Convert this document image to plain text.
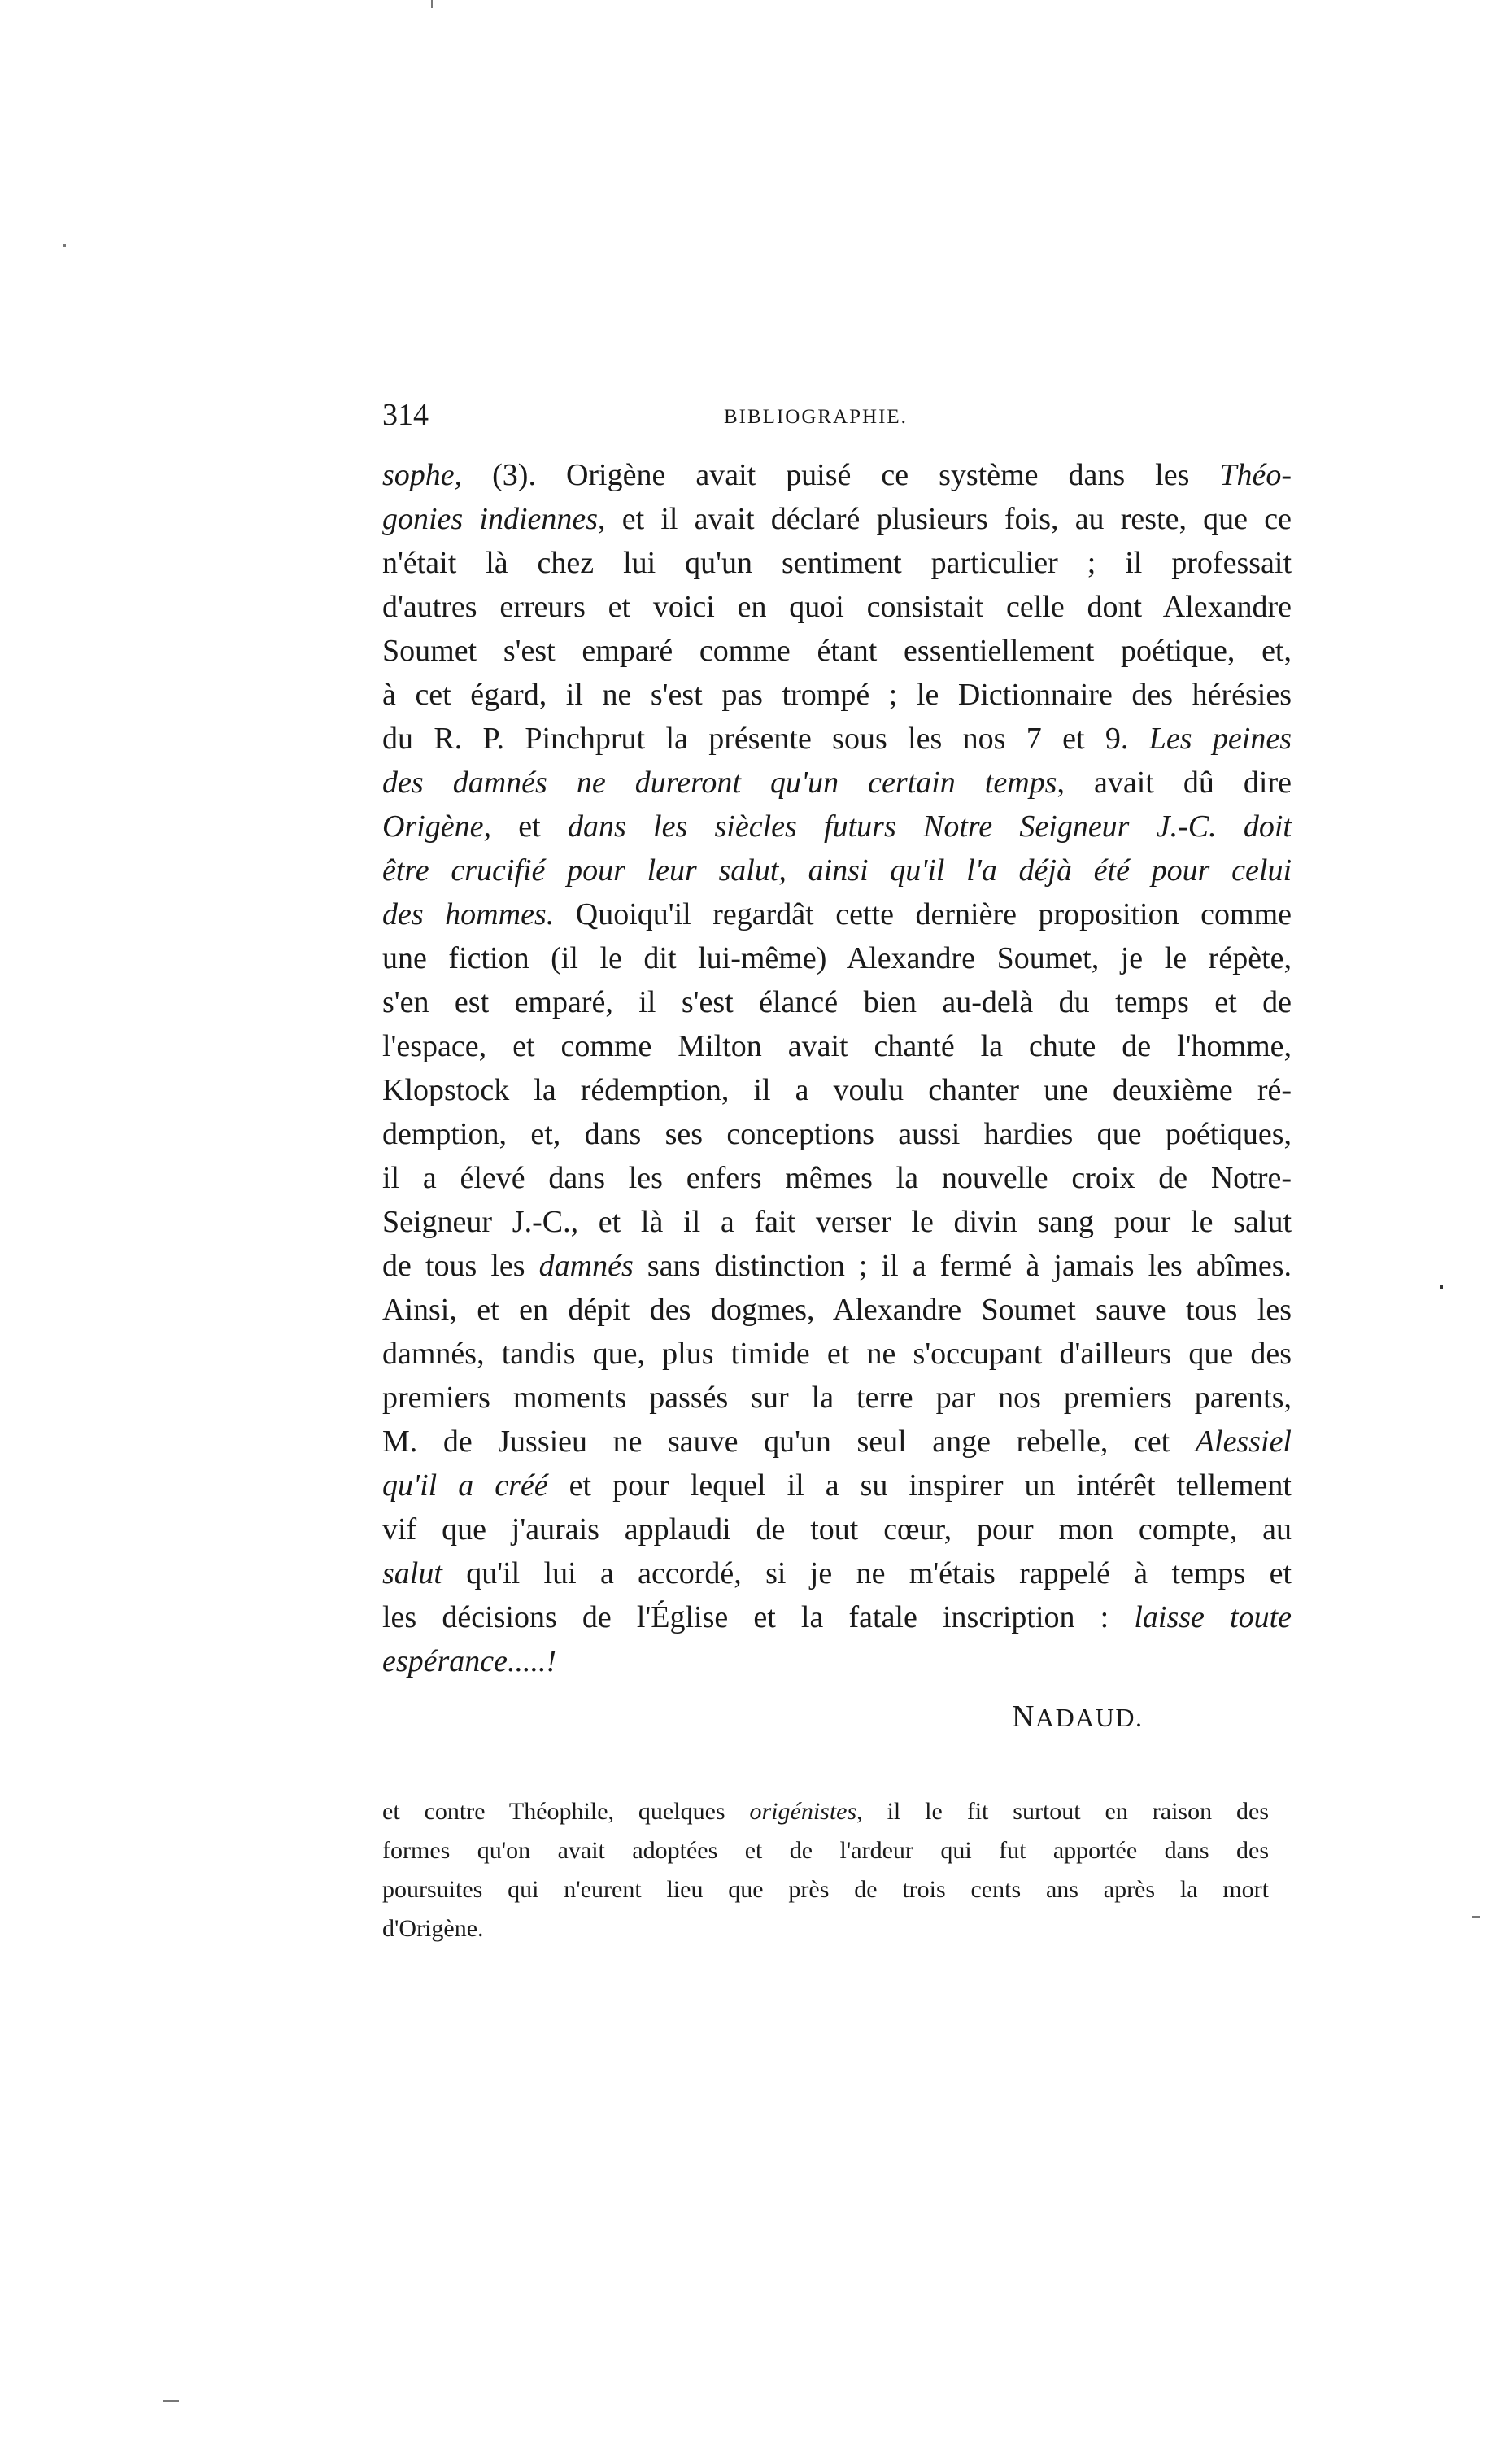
314	BIBLIOGRAPHIE.
sophe, (3). Origène avait puisé ce système dans les Théo-
gonies indiennes, et il avait déclaré plusieurs fois, au reste, que ce
n'était là chez lui qu'un sentiment particulier ; il professait
d'autres erreurs et voici en quoi consistait celle dont Alexandre
Soumet s'est emparé comme étant essentiellement poétique, et,
à cet égard, il ne s'est pas trompé ; le Dictionnaire des hérésies
du R. P. Pinchprut la présente sous les nos 7 et 9. Les peines
des damnés ne dureront qu'un certain temps, avait dû dire
Origène, et dans les siècles futurs Notre Seigneur J.-C. doit
être crucifié pour leur salut, ainsi qu'il l'a déjà été pour celui
des hommes. Quoiqu'il regardât cette dernière proposition comme
une fiction (il le dit lui-même) Alexandre Soumet, je le répète,
s'en est emparé, il s'est élancé bien au-delà du temps et de
l'espace, et comme Milton avait chanté la chute de l'homme,
Klopstock la rédemption, il a voulu chanter une deuxième ré-
demption, et, dans ses conceptions aussi hardies que poétiques,
il a élevé dans les enfers mêmes la nouvelle croix de Notre-
Seigneur J.-C., et là il a fait verser le divin sang pour le salut
de tous les damnés sans distinction ; il a fermé à jamais les abîmes.
Ainsi, et en dépit des dogmes, Alexandre Soumet sauve tous les
damnés, tandis que, plus timide et ne s'occupant d'ailleurs que des
premiers moments passés sur la terre par nos premiers parents,
M. de Jussieu ne sauve qu'un seul ange rebelle, cet Alessiel
qu'il a créé et pour lequel il a su inspirer un intérêt tellement
vif que j'aurais applaudi de tout cœur, pour mon compte, au
salut qu'il lui a accordé, si je ne m'étais rappelé à temps et
les décisions de l'Église et la fatale inscription : laisse toute
espérance.....!
NADAUD.
et contre Théophile, quelques origénistes, il le fit surtout en raison des
formes qu'on avait adoptées et de l'ardeur qui fut apportée dans des
poursuites qui n'eurent lieu que près de trois cents ans après la mort
d'Origène.
